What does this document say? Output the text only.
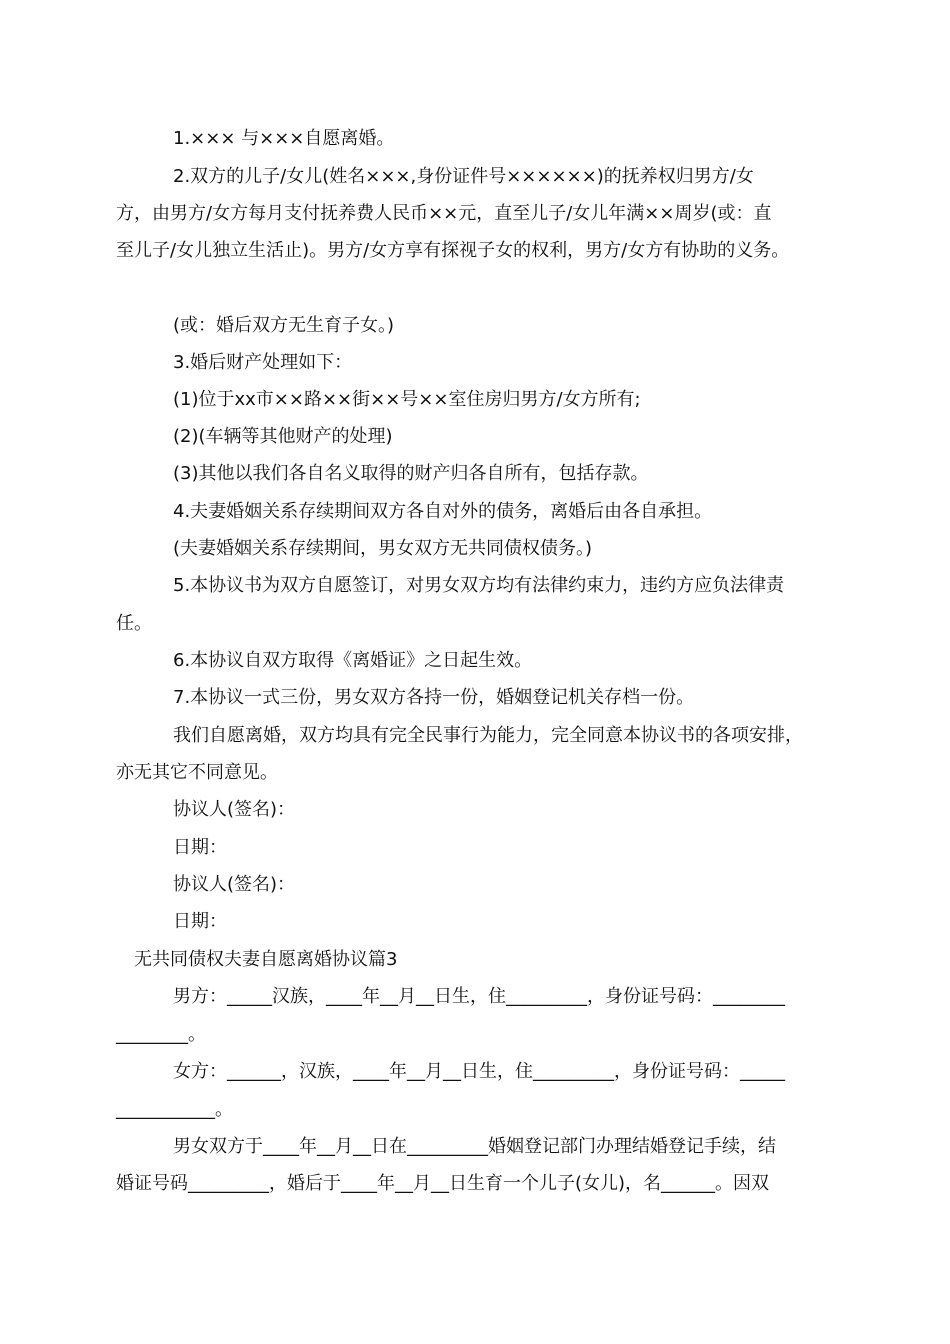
1.××× 与×××自愿离婚。
2.双方的儿子/女儿(姓名×××,身份证件号××××××)的抚养权归男方/女
方，由男方/女方每月支付抚养费人民币××元，直至儿子/女儿年满××周岁(或：直
至儿子/女儿独立生活止)。男方/女方享有探视子女的权利，男方/女方有协助的义务。
(或：婚后双方无生育子女。)
3.婚后财产处理如下：
(1)位于xx市××路××街××号××室住房归男方/女方所有;
(2)(车辆等其他财产的处理)
(3)其他以我们各自名义取得的财产归各自所有，包括存款。
4.夫妻婚姻关系存续期间双方各自对外的债务，离婚后由各自承担。
(夫妻婚姻关系存续期间，男女双方无共同债权债务。)
5.本协议书为双方自愿签订，对男女双方均有法律约束力，违约方应负法律责
任。
6.本协议自双方取得《离婚证》之日起生效。
7.本协议一式三份，男女双方各持一份，婚姻登记机关存档一份。
我们自愿离婚，双方均具有完全民事行为能力，完全同意本协议书的各项安排，
亦无其它不同意见。
协议人(签名)：
日期：
协议人(签名)：
日期：
无共同债权夫妻自愿离婚协议篇3
男方：_____汉族，____年__月__日生，住_________，身份证号码：________
________。
女方：______，汉族，____年__月__日生，住_________，身份证号码：_____
___________。
男女双方于____年__月__日在_________婚姻登记部门办理结婚登记手续，结
婚证号码_________，婚后于____年__月__日生育一个儿子(女儿)，名______。因双
